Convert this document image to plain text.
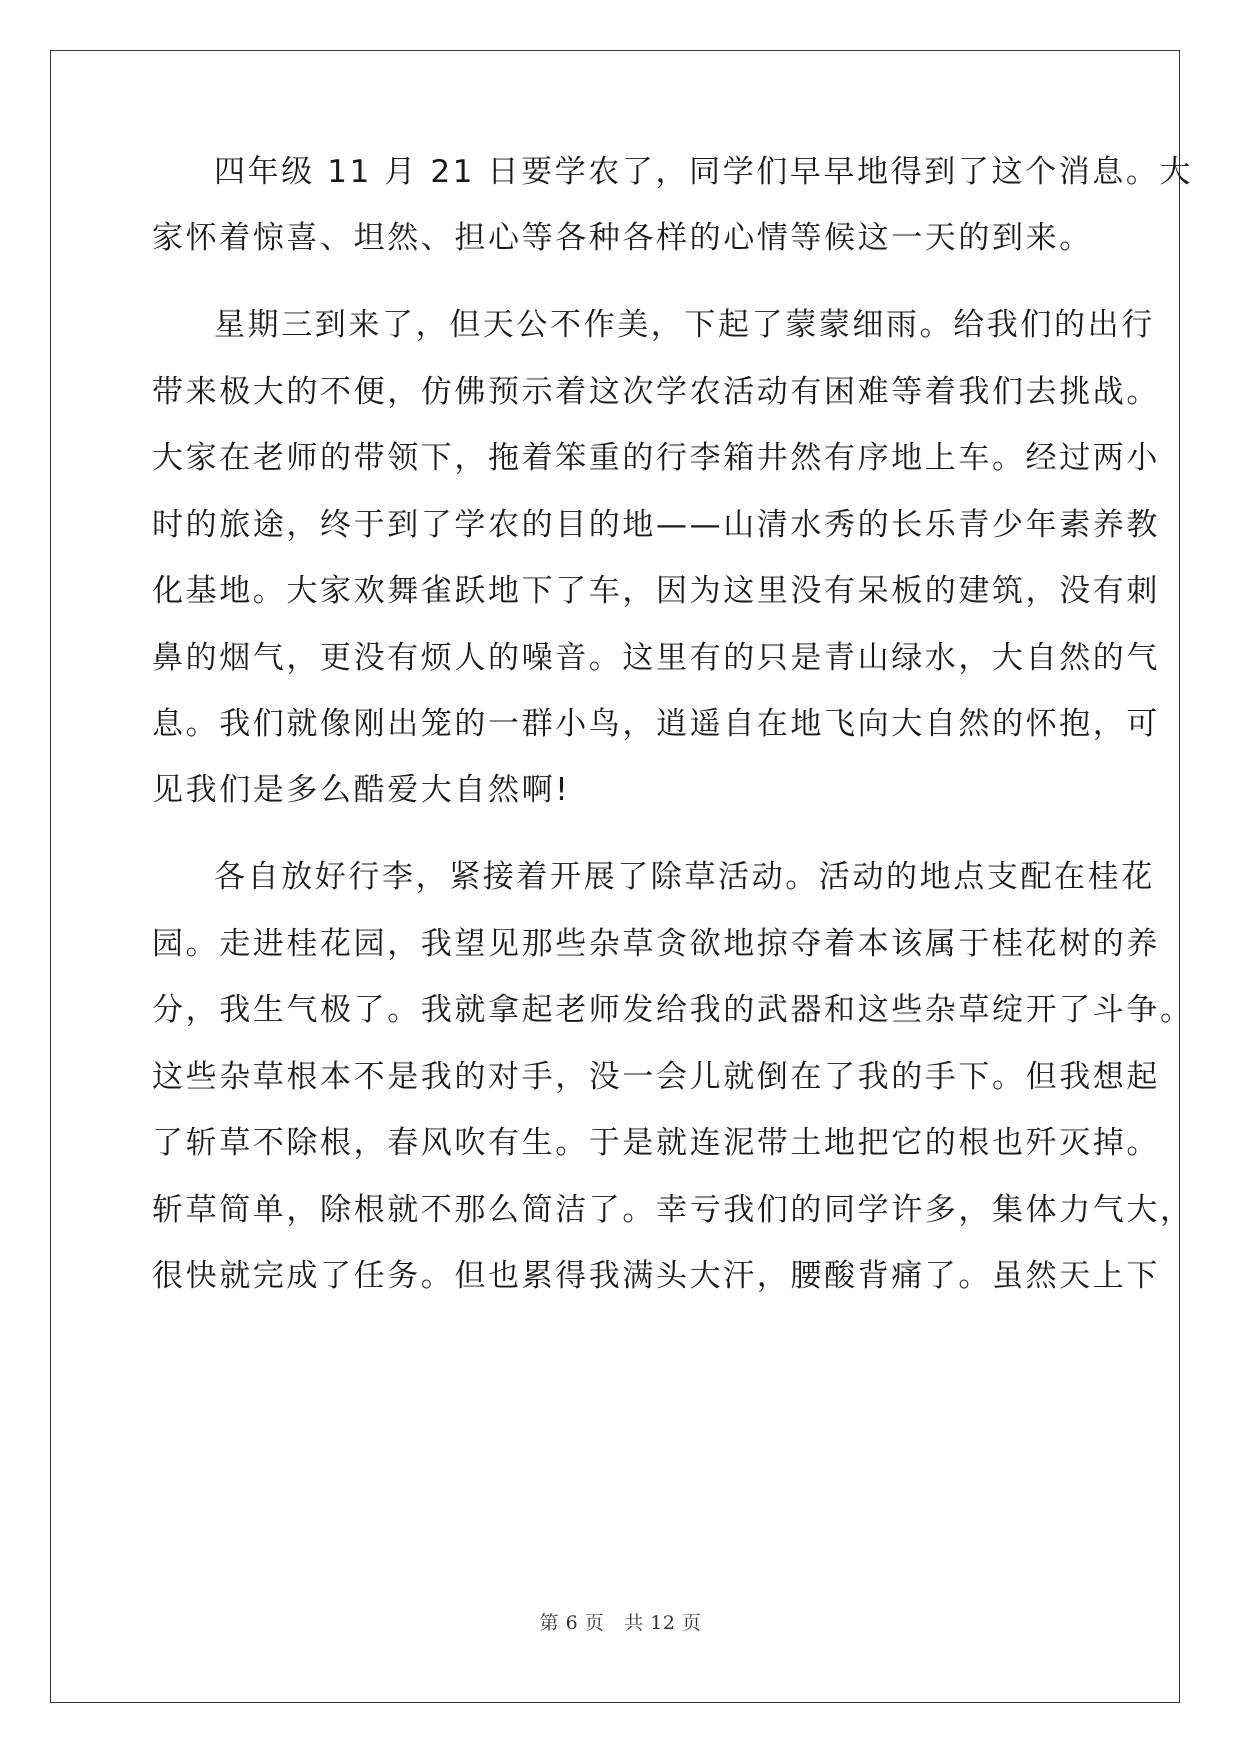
四年级 11 月 21 日要学农了，同学们早早地得到了这个消息。大
家怀着惊喜、坦然、担心等各种各样的心情等候这一天的到来。
星期三到来了，但天公不作美，下起了蒙蒙细雨。给我们的出行
带来极大的不便，仿佛预示着这次学农活动有困难等着我们去挑战。
大家在老师的带领下，拖着笨重的行李箱井然有序地上车。经过两小
时的旅途，终于到了学农的目的地——山清水秀的长乐青少年素养教
化基地。大家欢舞雀跃地下了车，因为这里没有呆板的建筑，没有刺
鼻的烟气，更没有烦人的噪音。这里有的只是青山绿水，大自然的气
息。我们就像刚出笼的一群小鸟，逍遥自在地飞向大自然的怀抱，可
见我们是多么酷爱大自然啊!
各自放好行李，紧接着开展了除草活动。活动的地点支配在桂花
园。走进桂花园，我望见那些杂草贪欲地掠夺着本该属于桂花树的养
分，我生气极了。我就拿起老师发给我的武器和这些杂草绽开了斗争。
这些杂草根本不是我的对手，没一会儿就倒在了我的手下。但我想起
了斩草不除根，春风吹有生。于是就连泥带土地把它的根也歼灭掉。
斩草简单，除根就不那么简洁了。幸亏我们的同学许多，集体力气大，
很快就完成了任务。但也累得我满头大汗，腰酸背痛了。虽然天上下
第 6 页 共 12 页
